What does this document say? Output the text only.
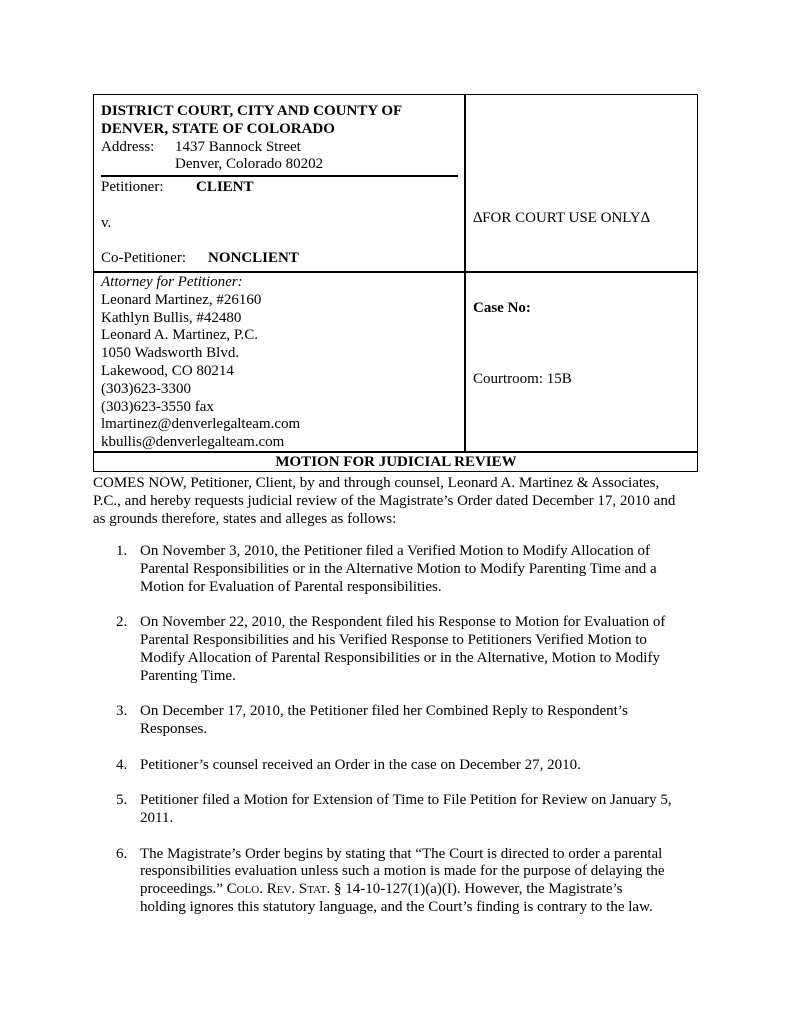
DISTRICT COURT, CITY AND COUNTY OF
DENVER, STATE OF COLORADO
Address:	1437 Bannock Street
Denver, Colorado 80202
Petitioner:	CLIENT
v.
Co-Petitioner:	NONCLIENT
Attorney for Petitioner:
Leonard Martinez, #26160
Kathlyn Bullis, #42480
Leonard A. Martinez, P.C.
1050 Wadsworth Blvd.
Lakewood, CO 80214
(303)623-3300
(303)623-3550 fax
lmartinez@denverlegalteam.com
kbullis@denverlegalteam.com
∆FOR COURT USE ONLY∆
Case No:
Courtroom: 15B
MOTION FOR JUDICIAL REVIEW
COMES NOW, Petitioner, Client, by and through counsel, Leonard A. Martinez & Associates,
P.C., and hereby requests judicial review of the Magistrate’s Order dated December 17, 2010 and
as grounds therefore, states and alleges as follows:
1. On November 3, 2010, the Petitioner filed a Verified Motion to Modify Allocation of
Parental Responsibilities or in the Alternative Motion to Modify Parenting Time and a
Motion for Evaluation of Parental responsibilities.
2. On November 22, 2010, the Respondent filed his Response to Motion for Evaluation of
Parental Responsibilities and his Verified Response to Petitioners Verified Motion to
Modify Allocation of Parental Responsibilities or in the Alternative, Motion to Modify
Parenting Time.
3. On December 17, 2010, the Petitioner filed her Combined Reply to Respondent’s
Responses.
4. Petitioner’s counsel received an Order in the case on December 27, 2010.
5. Petitioner filed a Motion for Extension of Time to File Petition for Review on January 5,
2011.
6. The Magistrate’s Order begins by stating that “The Court is directed to order a parental
responsibilities evaluation unless such a motion is made for the purpose of delaying the
proceedings.” Colo. Rev. Stat. § 14-10-127(1)(a)(I). However, the Magistrate’s
holding ignores this statutory language, and the Court’s finding is contrary to the law.
